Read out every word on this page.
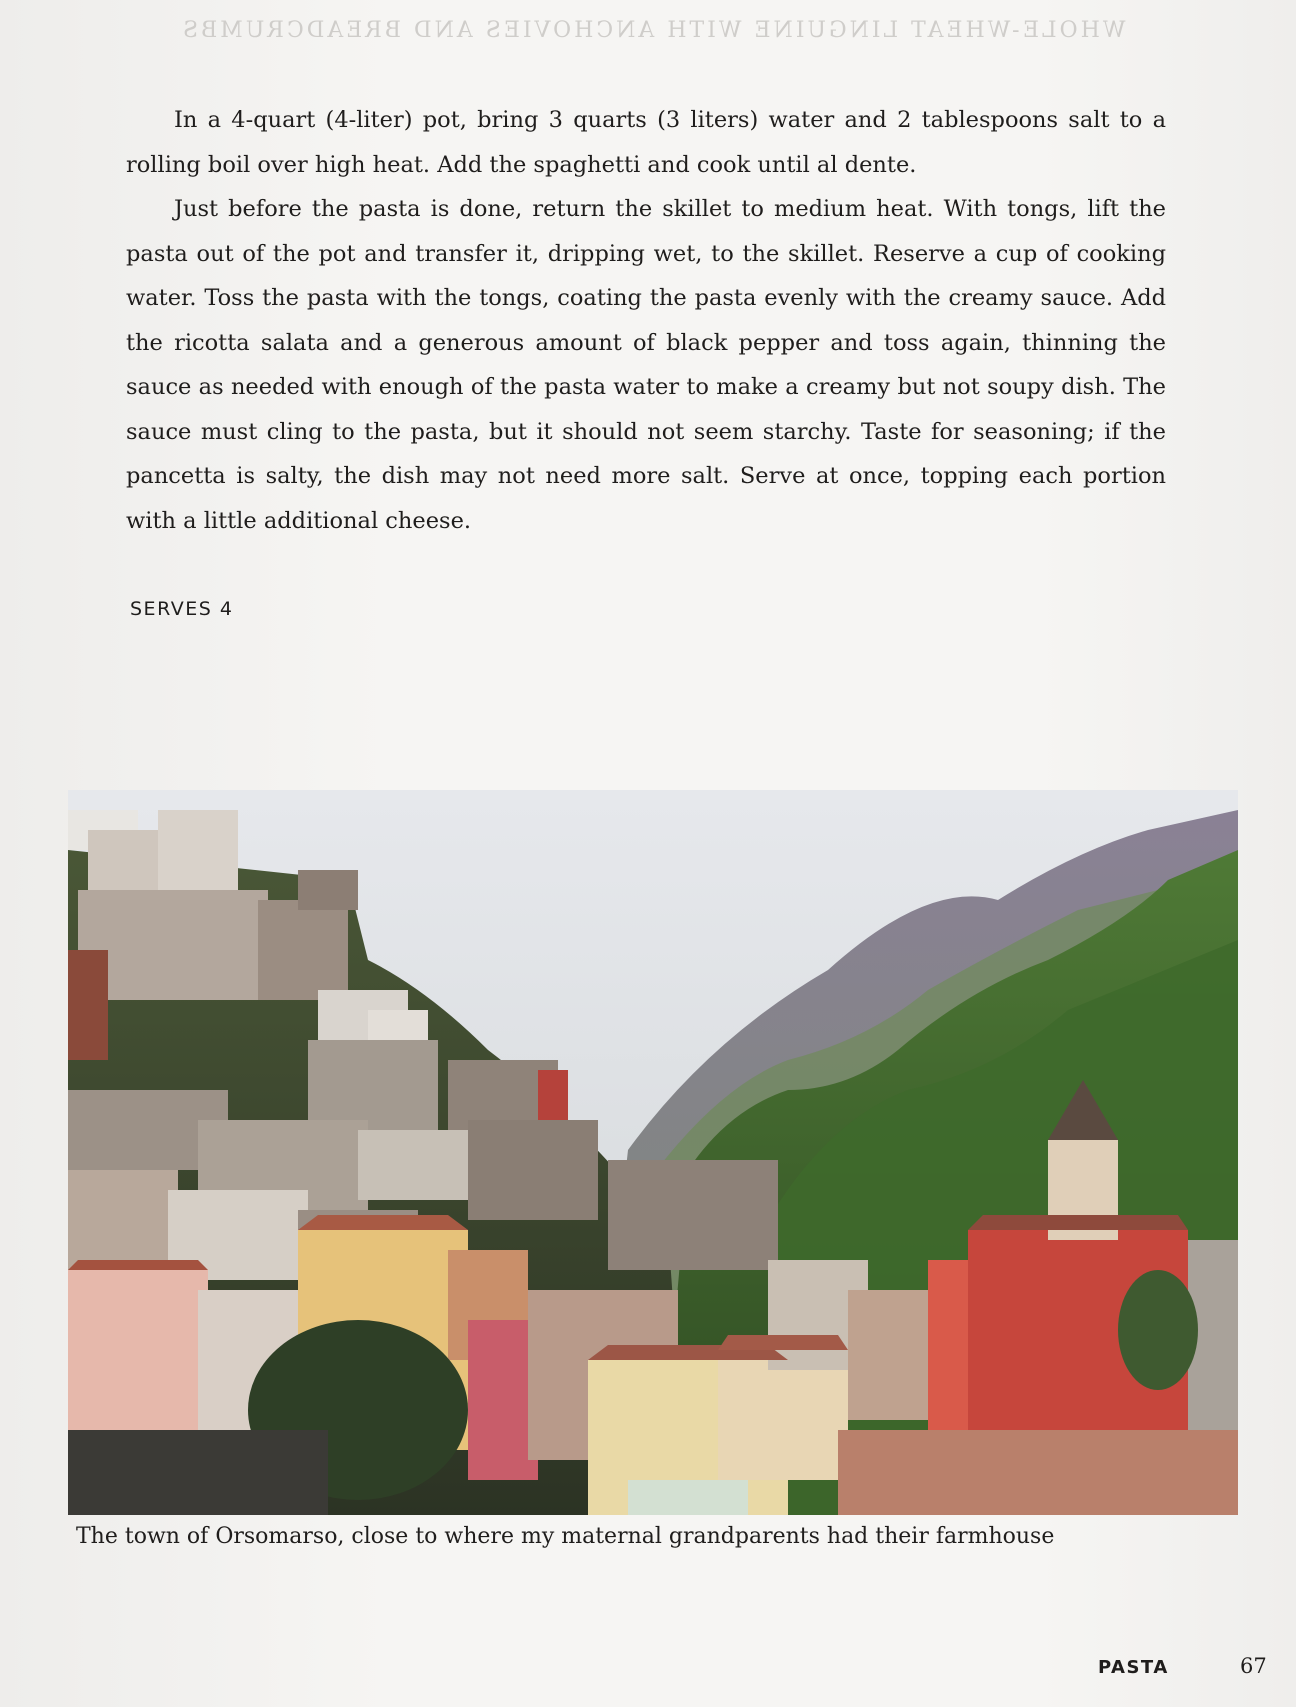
WHOLE-WHEAT LINGUINE WITH ANCHOVIES AND BREADCRUMBS

In a 4-quart (4-liter) pot, bring 3 quarts (3 liters) water and 2 tablespoons salt to a rolling boil over high heat. Add the spaghetti and cook until al dente.

Just before the pasta is done, return the skillet to medium heat. With tongs, lift the pasta out of the pot and transfer it, dripping wet, to the skillet. Reserve a cup of cooking water. Toss the pasta with the tongs, coating the pasta evenly with the creamy sauce. Add the ricotta salata and a generous amount of black pepper and toss again, thinning the sauce as needed with enough of the pasta water to make a creamy but not soupy dish. The sauce must cling to the pasta, but it should not seem starchy. Taste for seasoning; if the pancetta is salty, the dish may not need more salt. Serve at once, topping each portion with a little additional cheese.

SERVES 4
The town of Orsomarso, close to where my maternal grandparents had their farmhouse
PASTA	67
